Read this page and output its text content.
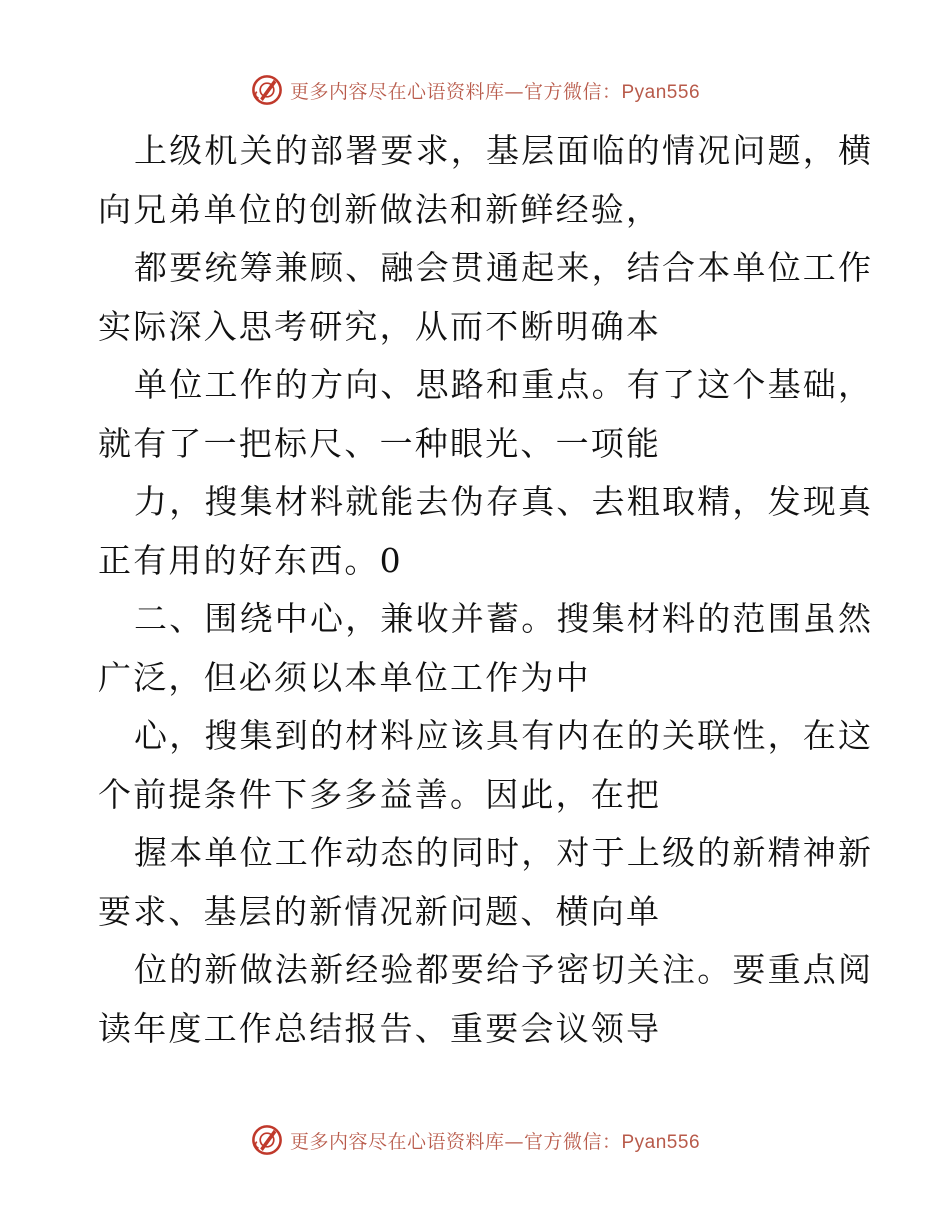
更多内容尽在心语资料库—官方微信：Pyan556
上级机关的部署要求，基层面临的情况问题，横
向兄弟单位的创新做法和新鲜经验，
都要统筹兼顾、融会贯通起来，结合本单位工作
实际深入思考研究，从而不断明确本
单位工作的方向、思路和重点。有了这个基础，
就有了一把标尺、一种眼光、一项能
力，搜集材料就能去伪存真、去粗取精，发现真
正有用的好东西。0
二、围绕中心，兼收并蓄。搜集材料的范围虽然
广泛，但必须以本单位工作为中
心，搜集到的材料应该具有内在的关联性，在这
个前提条件下多多益善。因此，在把
握本单位工作动态的同时，对于上级的新精神新
要求、基层的新情况新问题、横向单
位的新做法新经验都要给予密切关注。要重点阅
读年度工作总结报告、重要会议领导
更多内容尽在心语资料库—官方微信：Pyan556
